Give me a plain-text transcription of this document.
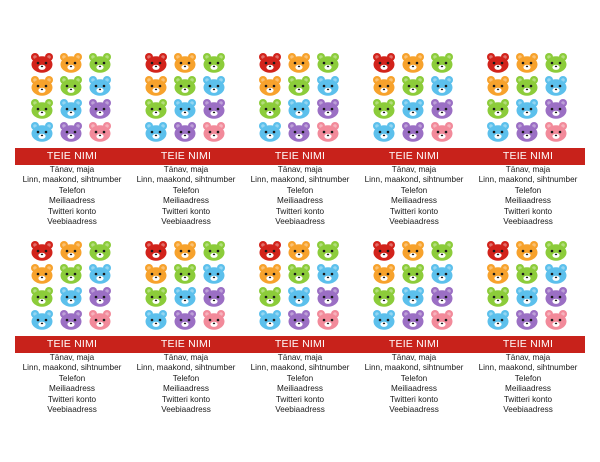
TEIE NIMI
Tänav, maja
Linn, maakond, sihtnumber
Telefon
Meiliaadress
Twitteri konto
Veebiaadress
TEIE NIMI
Tänav, maja
Linn, maakond, sihtnumber
Telefon
Meiliaadress
Twitteri konto
Veebiaadress
TEIE NIMI
Tänav, maja
Linn, maakond, sihtnumber
Telefon
Meiliaadress
Twitteri konto
Veebiaadress
TEIE NIMI
Tänav, maja
Linn, maakond, sihtnumber
Telefon
Meiliaadress
Twitteri konto
Veebiaadress
TEIE NIMI
Tänav, maja
Linn, maakond, sihtnumber
Telefon
Meiliaadress
Twitteri konto
Veebiaadress
TEIE NIMI
Tänav, maja
Linn, maakond, sihtnumber
Telefon
Meiliaadress
Twitteri konto
Veebiaadress
TEIE NIMI
Tänav, maja
Linn, maakond, sihtnumber
Telefon
Meiliaadress
Twitteri konto
Veebiaadress
TEIE NIMI
Tänav, maja
Linn, maakond, sihtnumber
Telefon
Meiliaadress
Twitteri konto
Veebiaadress
TEIE NIMI
Tänav, maja
Linn, maakond, sihtnumber
Telefon
Meiliaadress
Twitteri konto
Veebiaadress
TEIE NIMI
Tänav, maja
Linn, maakond, sihtnumber
Telefon
Meiliaadress
Twitteri konto
Veebiaadress
